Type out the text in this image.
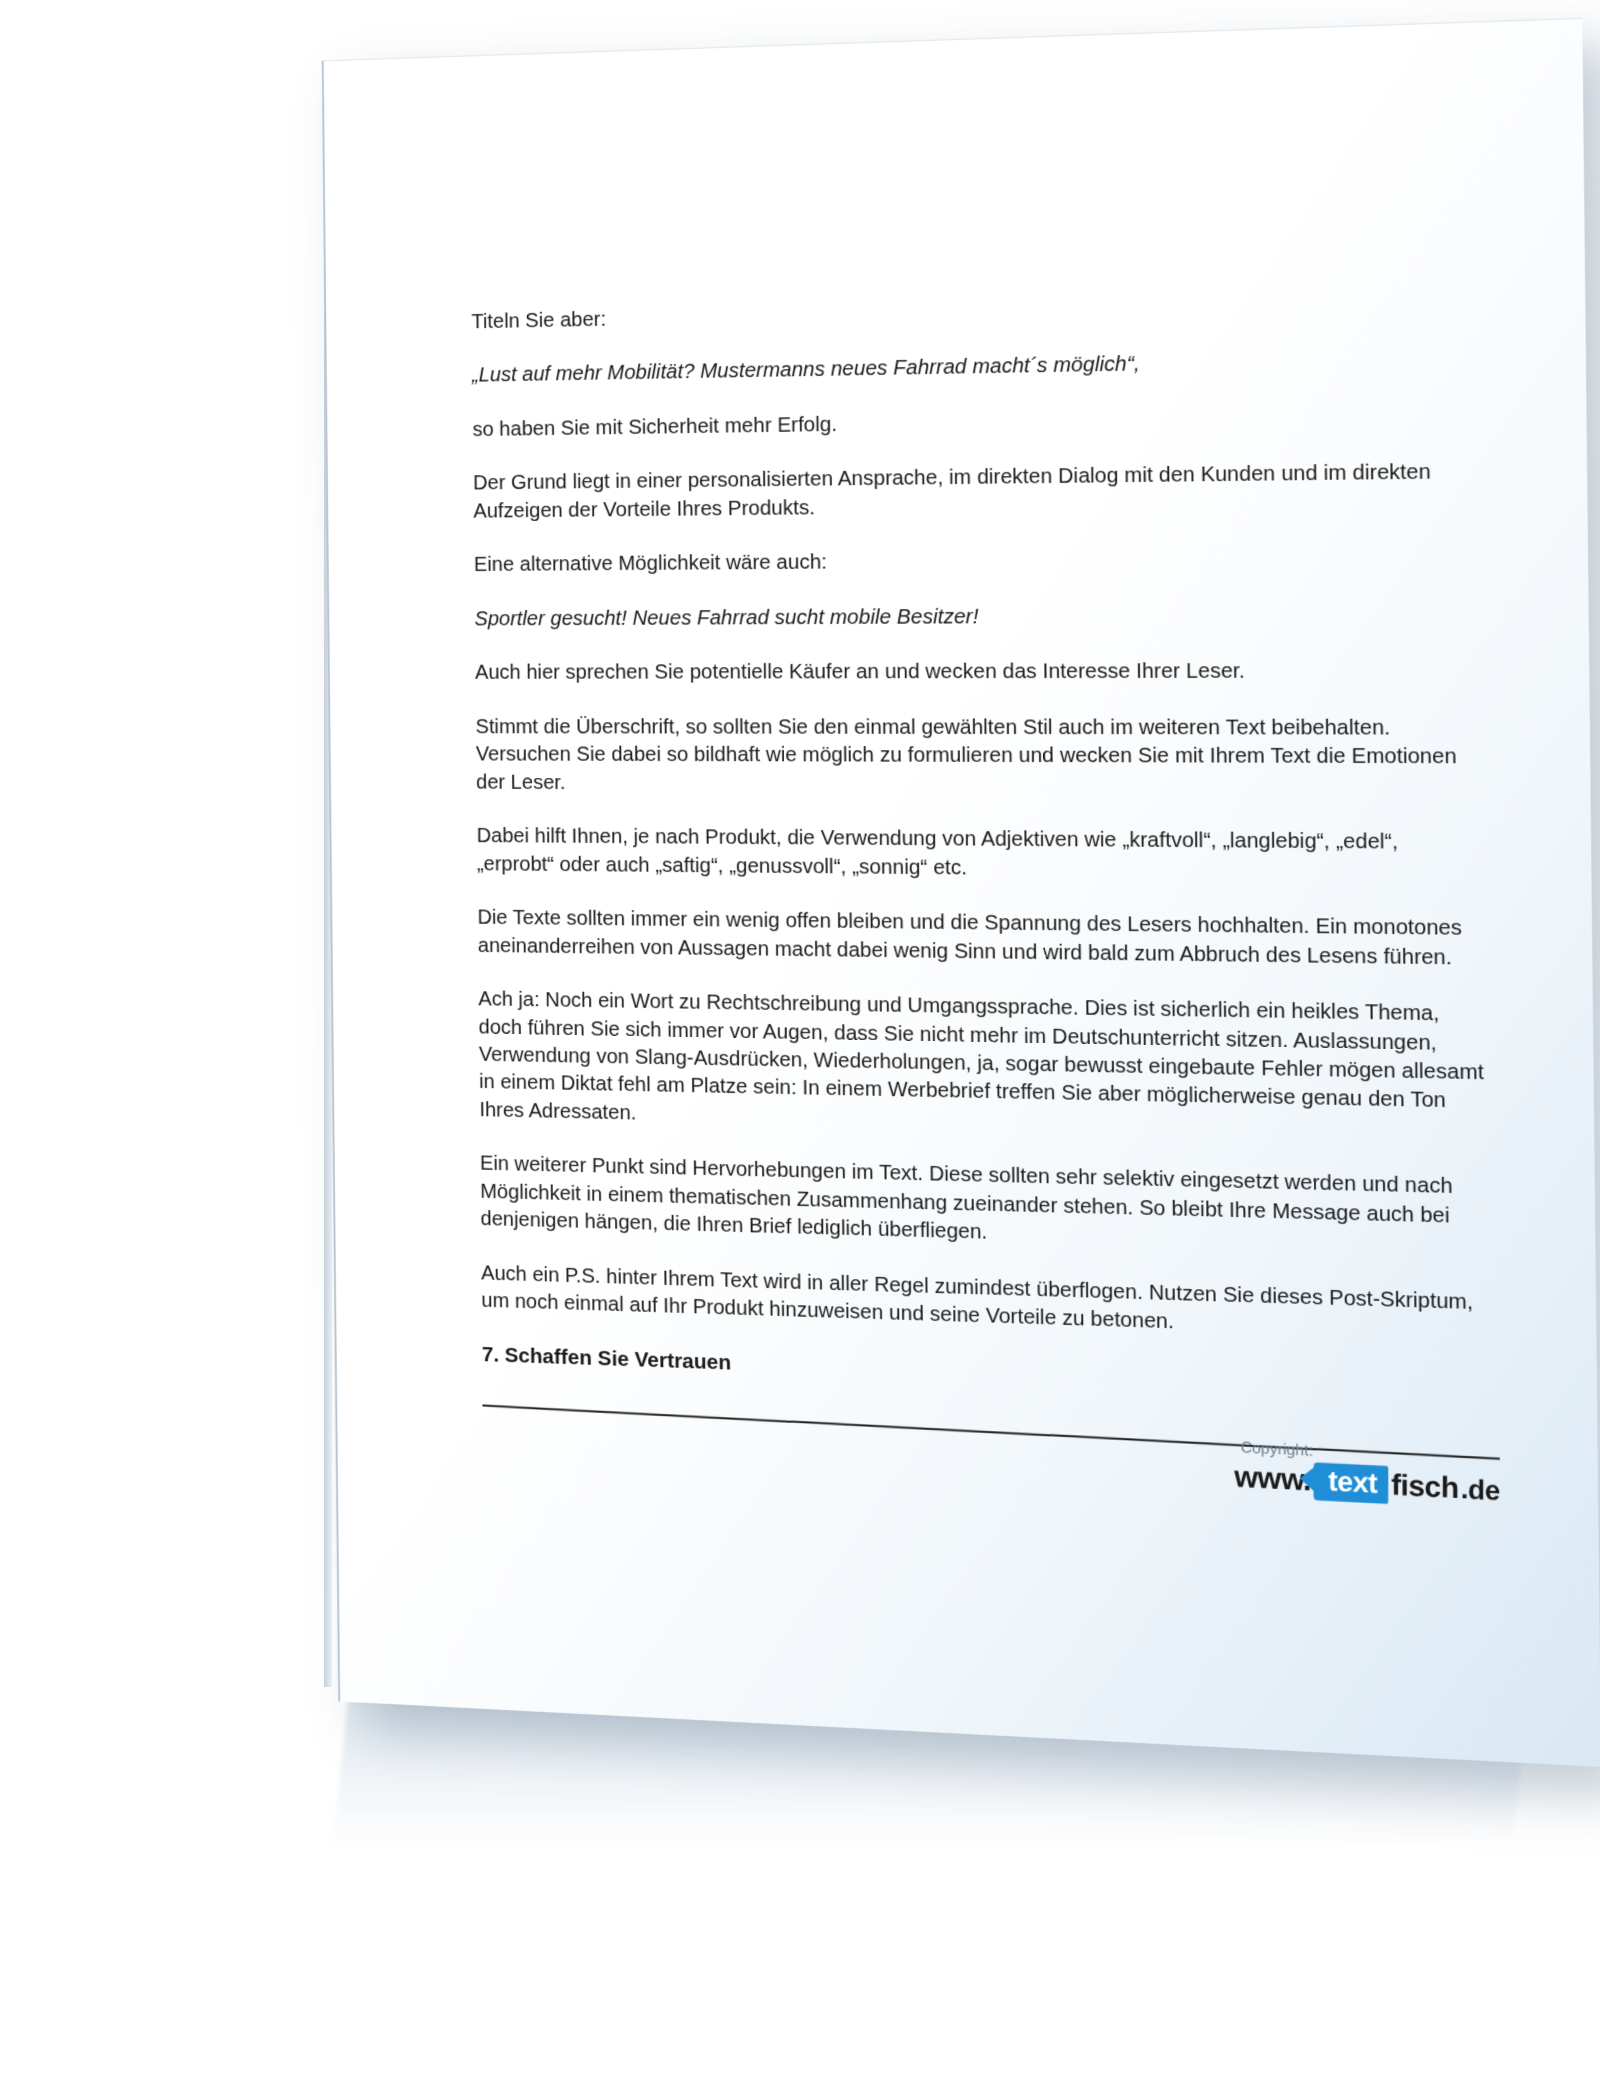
Titeln Sie aber:

„Lust auf mehr Mobilität? Mustermanns neues Fahrrad macht´s möglich“,

so haben Sie mit Sicherheit mehr Erfolg.

Der Grund liegt in einer personalisierten Ansprache, im direkten Dialog mit den Kunden und im direkten Aufzeigen der Vorteile Ihres Produkts.

Eine alternative Möglichkeit wäre auch:

Sportler gesucht! Neues Fahrrad sucht mobile Besitzer!

Auch hier sprechen Sie potentielle Käufer an und wecken das Interesse Ihrer Leser.

Stimmt die Überschrift, so sollten Sie den einmal gewählten Stil auch im weiteren Text beibehalten. Versuchen Sie dabei so bildhaft wie möglich zu formulieren und wecken Sie mit Ihrem Text die Emotionen der Leser.

Dabei hilft Ihnen, je nach Produkt, die Verwendung von Adjektiven wie „kraftvoll“, „langlebig“, „edel“, „erprobt“ oder auch „saftig“, „genussvoll“, „sonnig“ etc.

Die Texte sollten immer ein wenig offen bleiben und die Spannung des Lesers hochhalten. Ein monotones aneinanderreihen von Aussagen macht dabei wenig Sinn und wird bald zum Abbruch des Lesens führen.

Ach ja: Noch ein Wort zu Rechtschreibung und Umgangssprache. Dies ist sicherlich ein heikles Thema, doch führen Sie sich immer vor Augen, dass Sie nicht mehr im Deutschunterricht sitzen. Auslassungen, Verwendung von Slang-Ausdrücken, Wiederholungen, ja, sogar bewusst eingebaute Fehler mögen allesamt in einem Diktat fehl am Platze sein: In einem Werbebrief treffen Sie aber möglicherweise genau den Ton Ihres Adressaten.

Ein weiterer Punkt sind Hervorhebungen im Text. Diese sollten sehr selektiv eingesetzt werden und nach Möglichkeit in einem thematischen Zusammenhang zueinander stehen. So bleibt Ihre Message auch bei denjenigen hängen, die Ihren Brief lediglich überfliegen.

Auch ein P.S. hinter Ihrem Text wird in aller Regel zumindest überflogen. Nutzen Sie dieses Post-Skriptum, um noch einmal auf Ihr Produkt hinzuweisen und seine Vorteile zu betonen.

7. Schaffen Sie Vertrauen

Copyright:
www. text fisch .de
